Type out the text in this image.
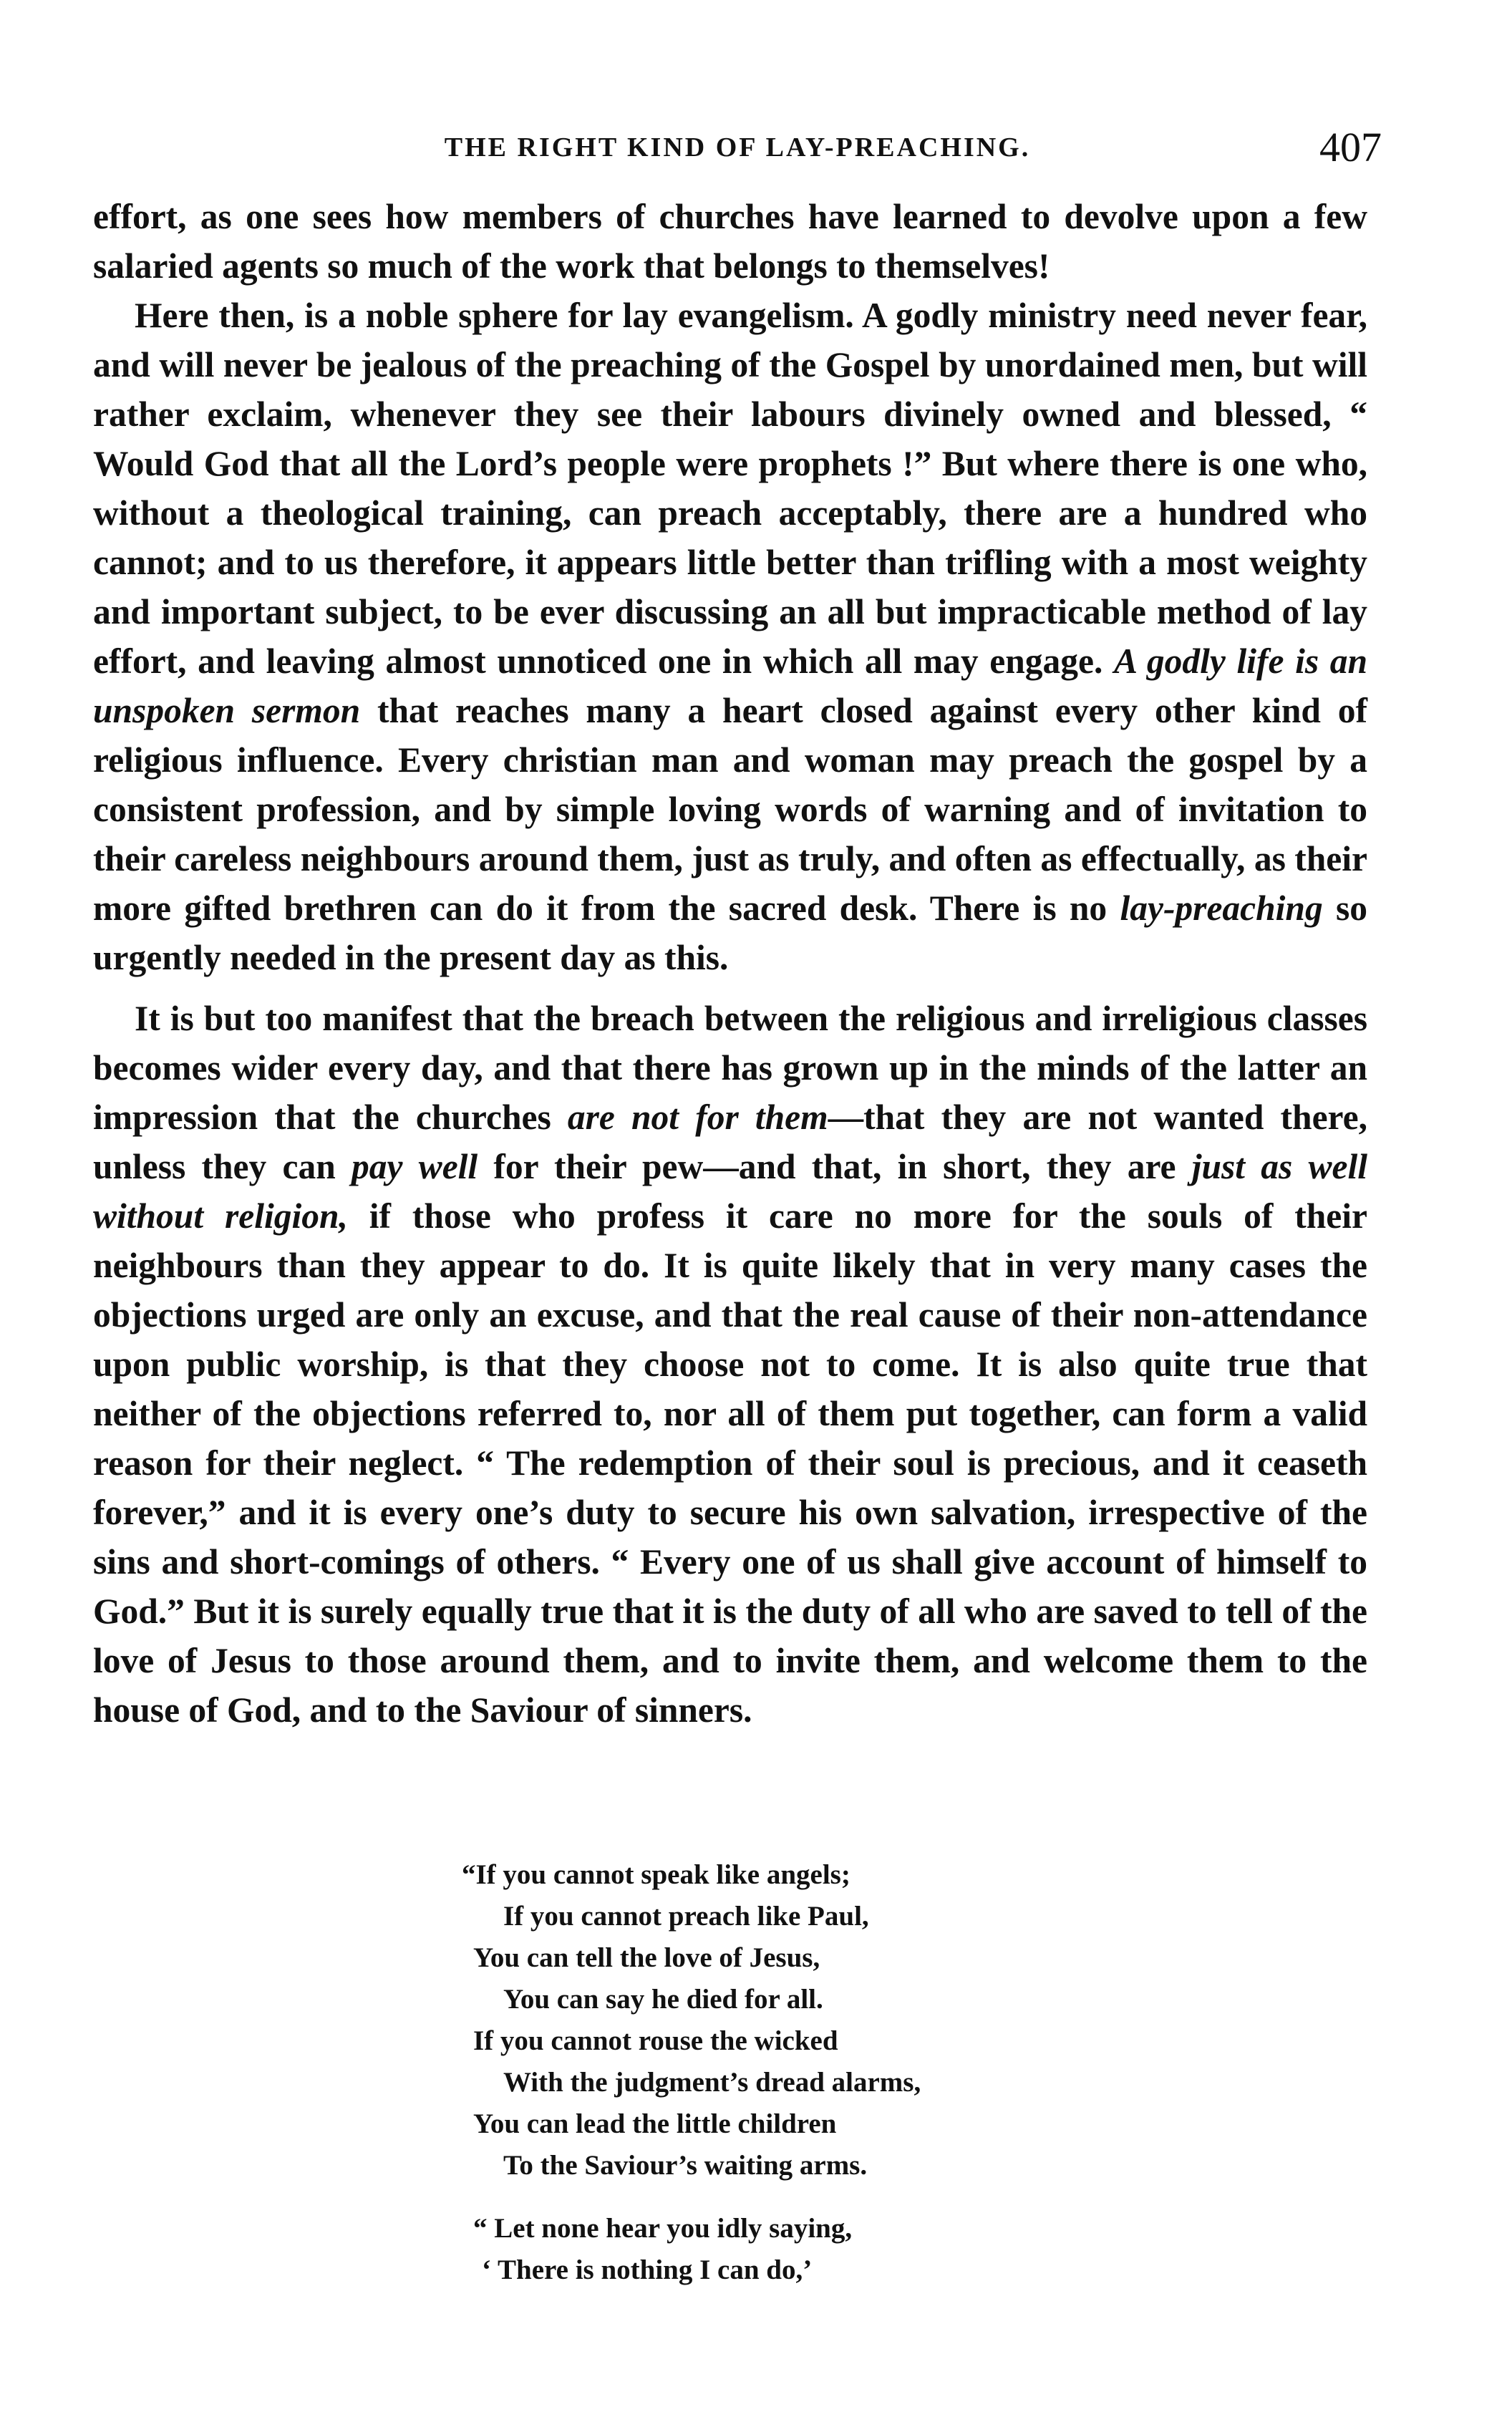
THE RIGHT KIND OF LAY-PREACHING.	407

effort, as one sees how members of churches have learned to devolve upon a few salaried agents so much of the work that belongs to themselves!

Here then, is a noble sphere for lay evangelism. A godly ministry need never fear, and will never be jealous of the preaching of the Gospel by unordained men, but will rather exclaim, whenever they see their labours divinely owned and blessed, “ Would God that all the Lord’s people were prophets !” But where there is one who, without a theological training, can preach acceptably, there are a hundred who cannot; and to us therefore, it appears little better than trifling with a most weighty and important subject, to be ever discussing an all but impracticable method of lay effort, and leaving almost unnoticed one in which all may engage. A godly life is an unspoken sermon that reaches many a heart closed against every other kind of religious influence. Every christian man and woman may preach the gospel by a consistent profession, and by simple loving words of warning and of invitation to their careless neighbours around them, just as truly, and often as effectually, as their more gifted brethren can do it from the sacred desk. There is no lay-preaching so urgently needed in the present day as this.

It is but too manifest that the breach between the religious and irreligious classes becomes wider every day, and that there has grown up in the minds of the latter an impression that the churches are not for them—that they are not wanted there, unless they can pay well for their pew—and that, in short, they are just as well without religion, if those who profess it care no more for the souls of their neighbours than they appear to do. It is quite likely that in very many cases the objections urged are only an excuse, and that the real cause of their non-attendance upon public worship, is that they choose not to come. It is also quite true that neither of the objections referred to, nor all of them put together, can form a valid reason for their neglect. “ The redemption of their soul is precious, and it ceaseth forever,” and it is every one’s duty to secure his own salvation, irrespective of the sins and short-comings of others. “ Every one of us shall give account of himself to God.” But it is surely equally true that it is the duty of all who are saved to tell of the love of Jesus to those around them, and to invite them, and welcome them to the house of God, and to the Saviour of sinners.

“If you cannot speak like angels;
If you cannot preach like Paul,
You can tell the love of Jesus,
You can say he died for all.
If you cannot rouse the wicked
With the judgment’s dread alarms,
You can lead the little children
To the Saviour’s waiting arms.
“ Let none hear you idly saying,
‘ There is nothing I can do,’
